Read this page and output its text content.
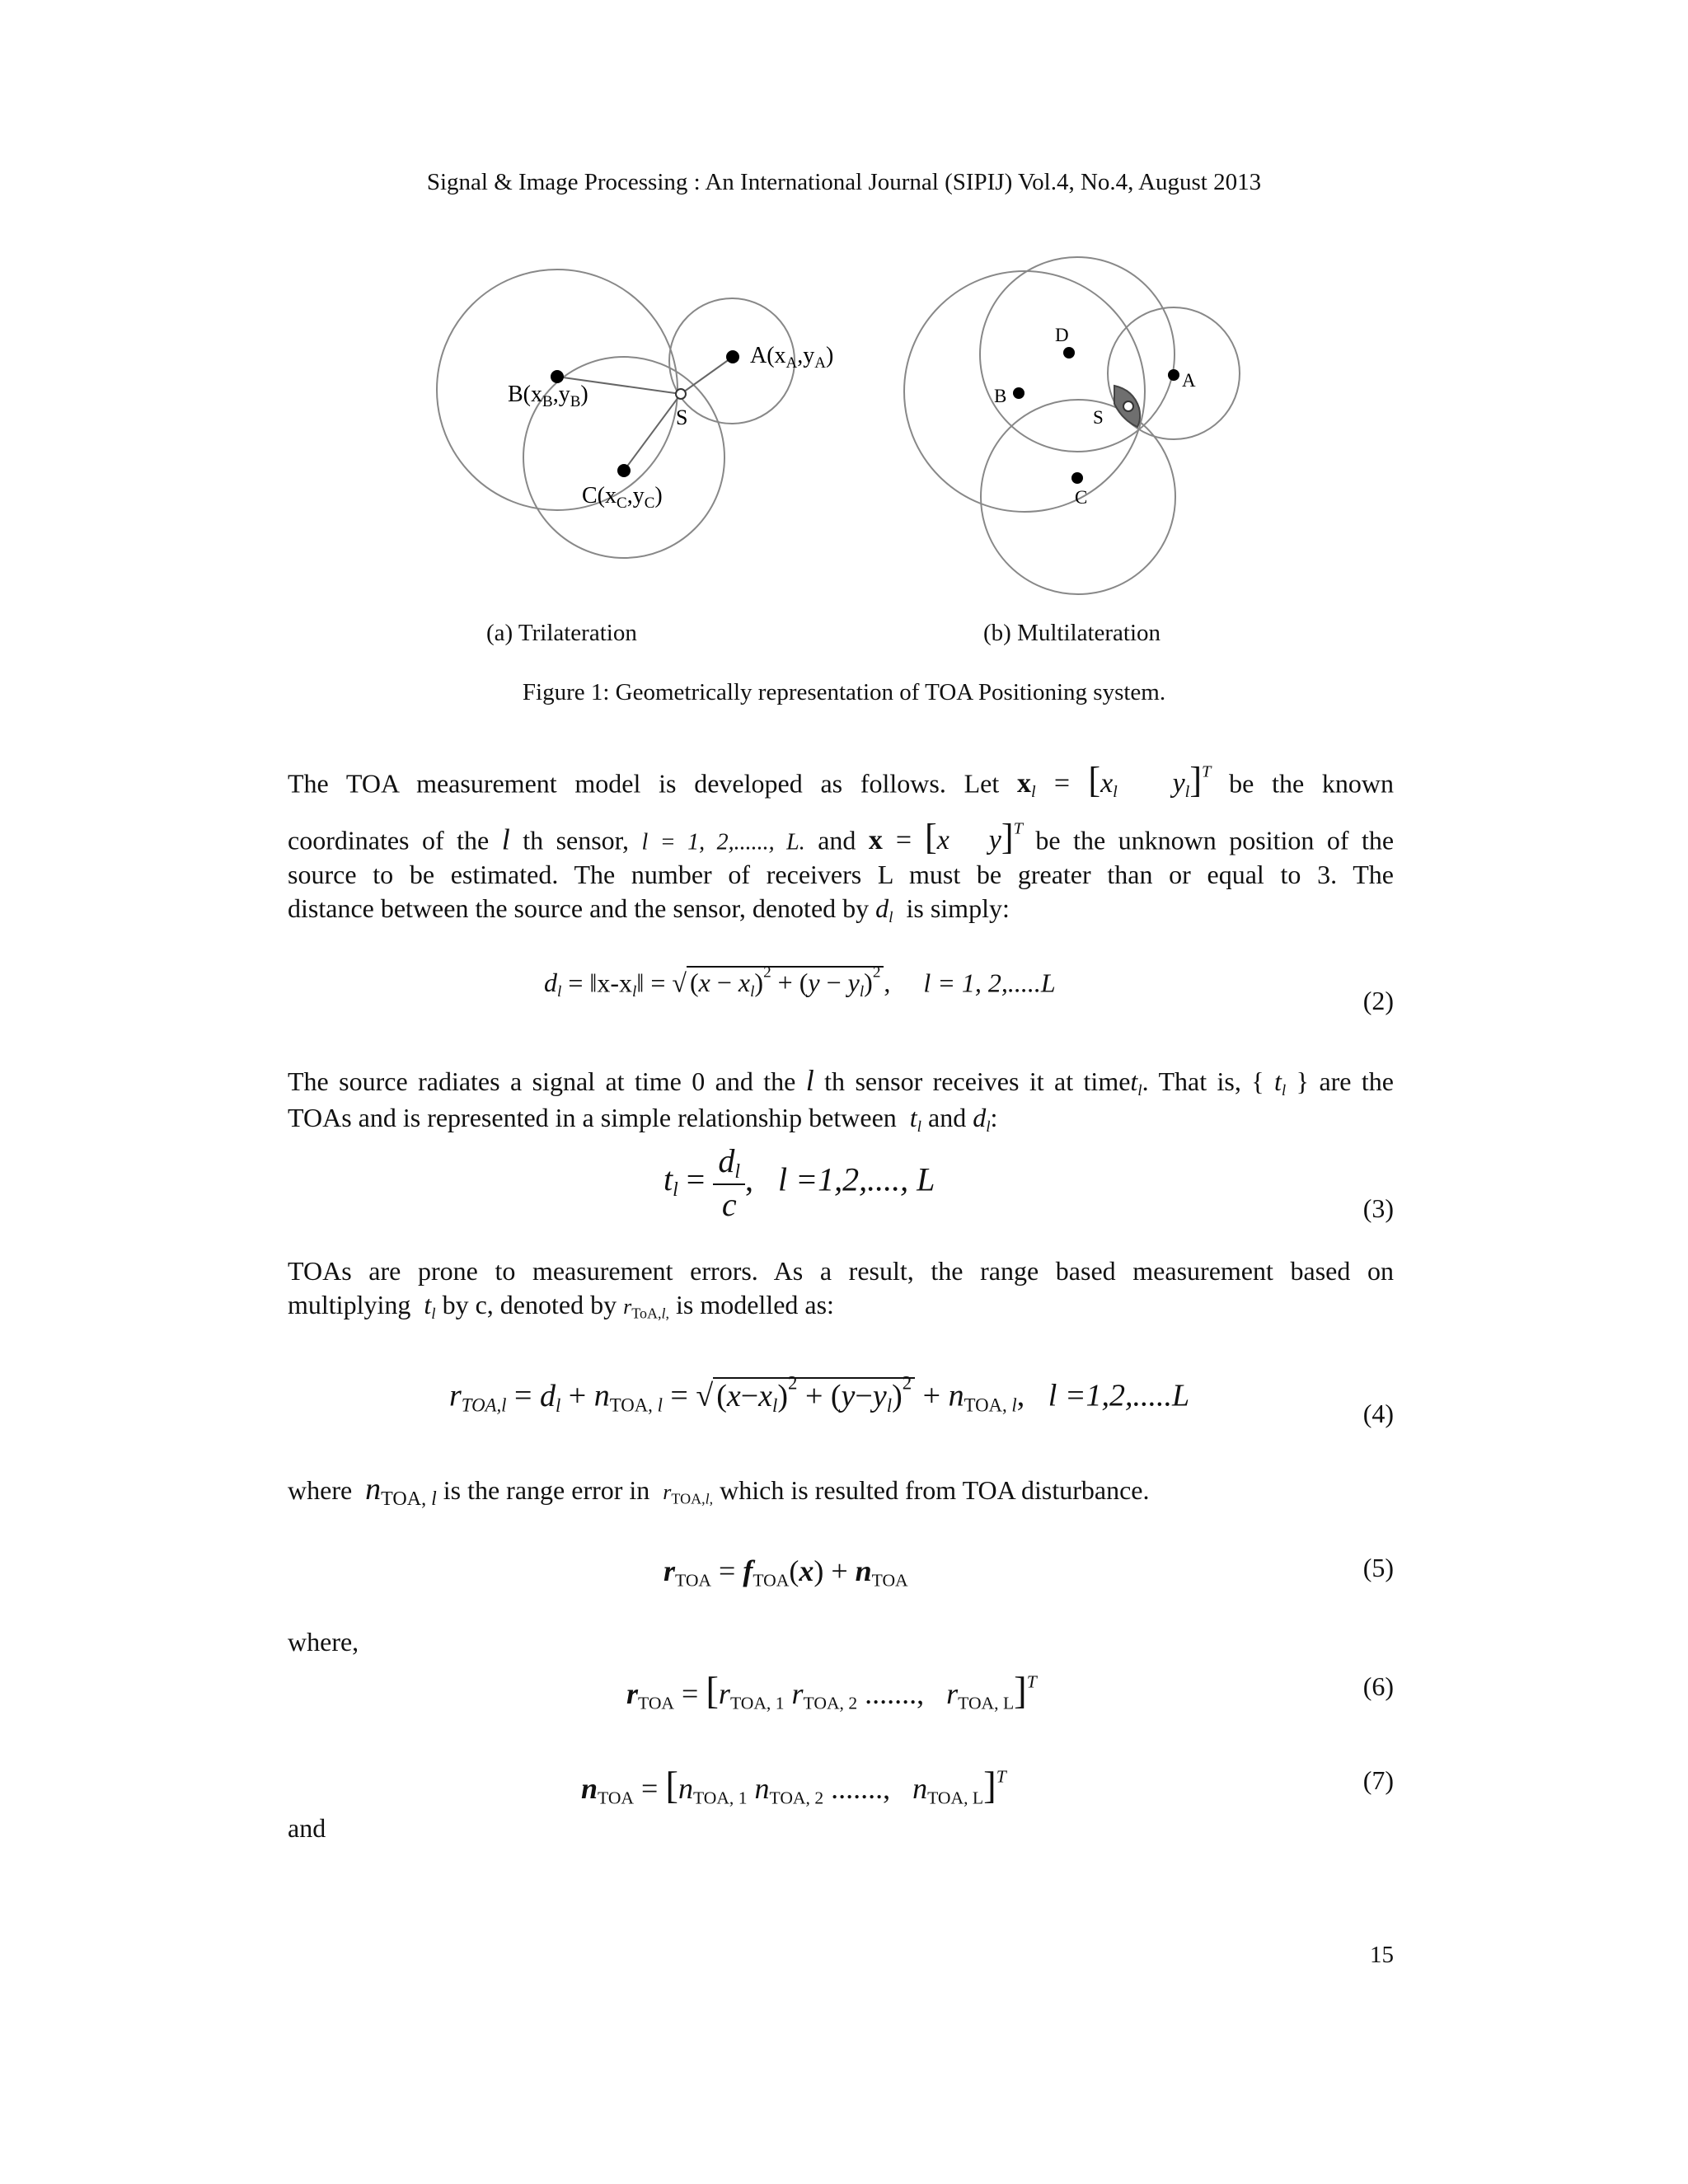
Signal & Image Processing : An International Journal (SIPIJ) Vol.4, No.4, August 2013
$A(x_A,y_A)$
$B(x_B,y_B)$
$C(x_C,y_C)$
S
D
B
A
S
C
(a) Trilateration	(b) Multilateration
Figure 1: Geometrically representation of TOA Positioning system.
The TOA measurement model is developed as follows. Let $x_l = [x_l$ $y_l]^T$ be the known
coordinates of the l th sensor, l = 1, 2,......, L. and x = [x y]$^T$ be the unknown position of the
source to be estimated. The number of receivers L must be greater than or equal to 3. The
distance between the source and the sensor, denoted by $d_l$ is simply:
$d_l$ = $‖x-x_l‖$ = √ $(x - x_l)^2 + (y - y_l)^2$ ,     l = 1, 2,.....L
(2)
The source radiates a signal at time 0 and the l th sensor receives it at timet$_l$. That is, { $t_l$ } are the
TOAs and is represented in a simple relationship between $t_l$ and $d_l$:
$t_l = \frac{d_l}{c}$ ,   l =1,2,...., L
(3)
TOAs are prone to measurement errors. As a result, the range based measurement based on
multiplying $t_l$ by c, denoted by $r_{ToA,l,}$ is modelled as:
$r_{TOA,l} = d_l + n_{TOA, l}$ = √ $(x-x_l)^2 + (y-y_l)^2 + n_{TOA, l}$,   l =1,2,.....L
(4)
where $n_{TOA, l}$ is the range error in $r_{TOA,l,}$ which is resulted from TOA disturbance.
$r_{TOA} = f_{TOA}(x) + n_{TOA}$	(5)
where,
$r_{TOA} = [r_{TOA, 1}$ $r_{TOA, 2}$ ......., $r_{TOA, L}]^T$	(6)
$n_{TOA} = [n_{TOA, 1}$ $n_{TOA, 2}$ ......., $n_{TOA, L}]^T$	(7)
and
15
